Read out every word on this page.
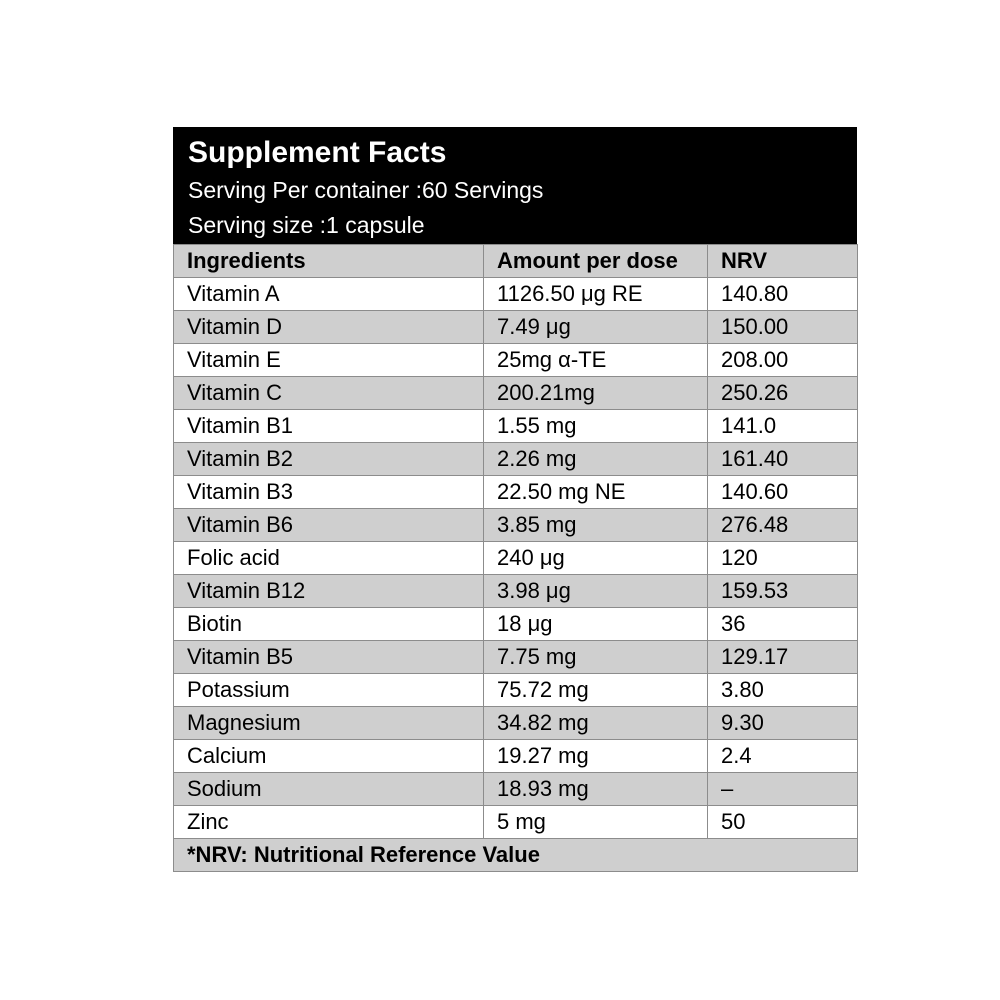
Supplement Facts
Serving Per container :60 Servings
Serving size :1 capsule
Ingredients	Amount per dose	NRV
Vitamin A	1126.50 μg RE	140.80
Vitamin D	7.49 μg	150.00
Vitamin E	25mg α-TE	208.00
Vitamin C	200.21mg	250.26
Vitamin B1	1.55 mg	141.0
Vitamin B2	2.26 mg	161.40
Vitamin B3	22.50 mg NE	140.60
Vitamin B6	3.85 mg	276.48
Folic acid	240 μg	120
Vitamin B12	3.98 μg	159.53
Biotin	18 μg	36
Vitamin B5	7.75 mg	129.17
Potassium	75.72 mg	3.80
Magnesium	34.82 mg	9.30
Calcium	19.27 mg	2.4
Sodium	18.93 mg	–
Zinc	5 mg	50
*NRV: Nutritional Reference Value		
